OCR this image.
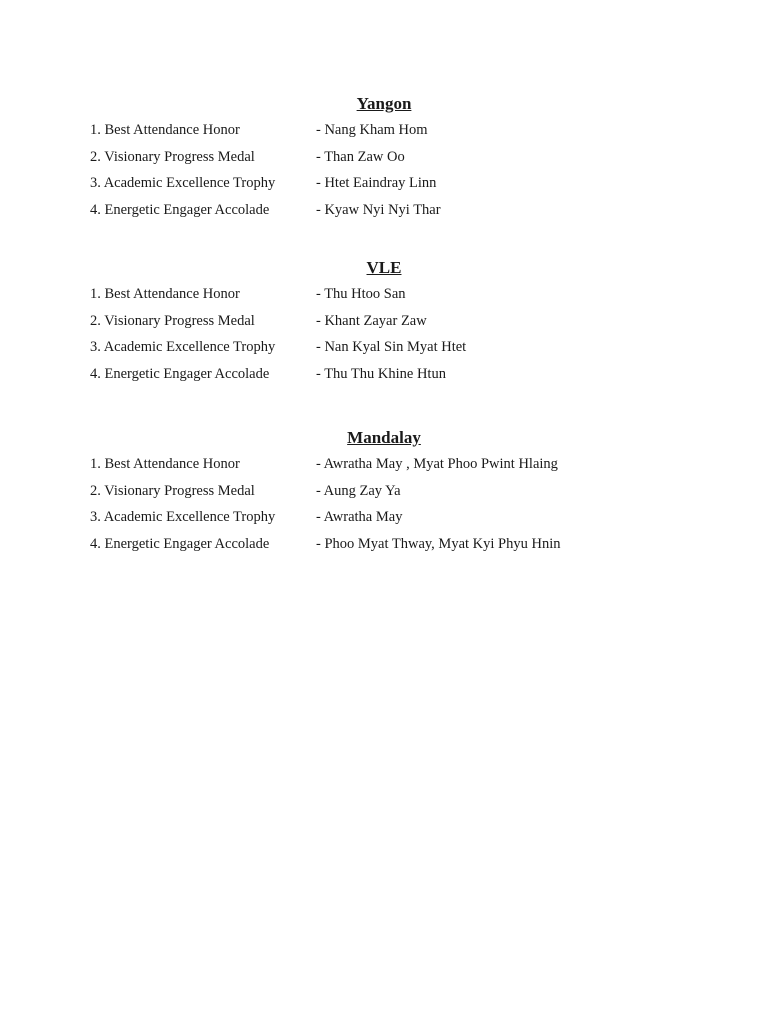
Yangon
1. Best Attendance Honor	- Nang Kham Hom
2. Visionary Progress Medal	- Than Zaw Oo
3. Academic Excellence Trophy	- Htet Eaindray Linn
4. Energetic Engager Accolade	- Kyaw Nyi Nyi Thar
VLE
1. Best Attendance Honor	- Thu Htoo San
2. Visionary Progress Medal	- Khant Zayar Zaw
3. Academic Excellence Trophy	- Nan Kyal Sin Myat Htet
4. Energetic Engager Accolade	- Thu Thu Khine Htun
Mandalay
1. Best Attendance Honor	- Awratha May , Myat Phoo Pwint Hlaing
2. Visionary Progress Medal	- Aung Zay Ya
3. Academic Excellence Trophy	- Awratha May
4. Energetic Engager Accolade	- Phoo Myat Thway, Myat Kyi Phyu Hnin
